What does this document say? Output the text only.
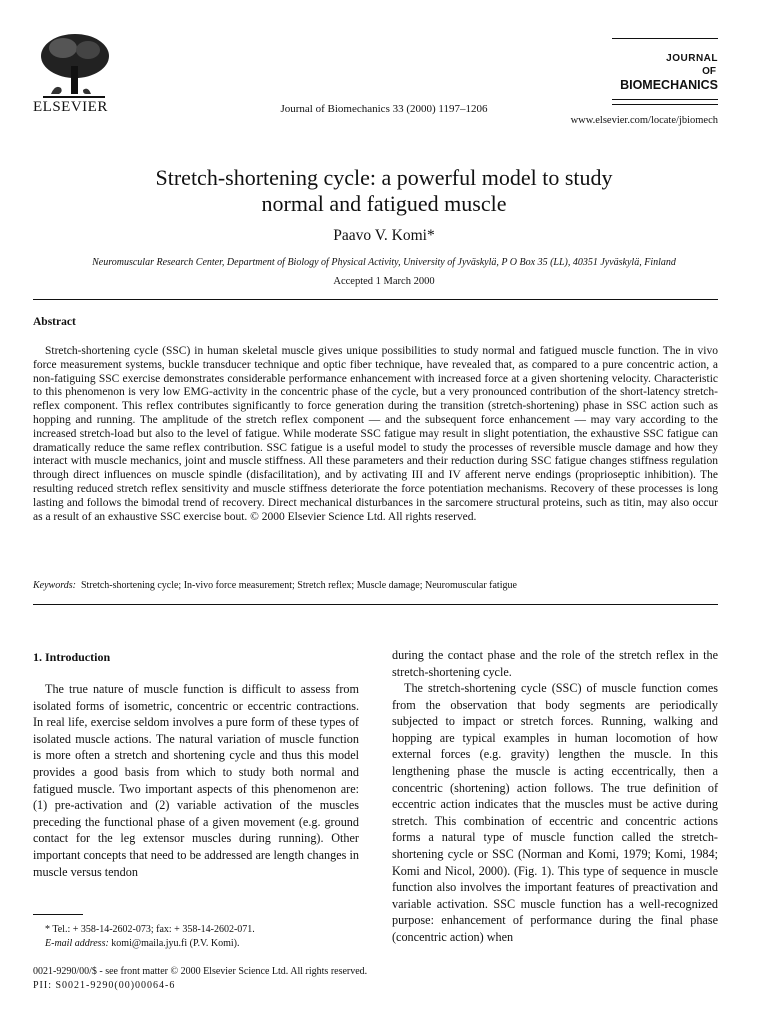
ELSEVIER	Journal of Biomechanics 33 (2000) 1197–1206
JOURNAL
OF
BIOMECHANICS
www.elsevier.com/locate/jbiomech
Stretch-shortening cycle: a powerful model to study
normal and fatigued muscle
Paavo V. Komi*
Neuromuscular Research Center, Department of Biology of Physical Activity, University of Jyväskylä, P O Box 35 (LL), 40351 Jyväskylä, Finland
Accepted 1 March 2000
Abstract
Stretch-shortening cycle (SSC) in human skeletal muscle gives unique possibilities to study normal and fatigued muscle function. The in vivo force measurement systems, buckle transducer technique and optic fiber technique, have revealed that, as compared to a pure concentric action, a non-fatiguing SSC exercise demonstrates considerable performance enhancement with increased force at a given shortening velocity. Characteristic to this phenomenon is very low EMG-activity in the concentric phase of the cycle, but a very pronounced contribution of the short-latency stretch-reflex component. This reflex contributes significantly to force generation during the transition (stretch-shortening) phase in SSC action such as hopping and running. The amplitude of the stretch reflex component — and the subsequent force enhancement — may vary according to the increased stretch-load but also to the level of fatigue. While moderate SSC fatigue may result in slight potentiation, the exhaustive SSC fatigue can dramatically reduce the same reflex contribution. SSC fatigue is a useful model to study the processes of reversible muscle damage and how they interact with muscle mechanics, joint and muscle stiffness. All these parameters and their reduction during SSC fatigue changes stiffness regulation through direct influences on muscle spindle (disfacilitation), and by activating III and IV afferent nerve endings (proprioseptic inhibition). The resulting reduced stretch reflex sensitivity and muscle stiffness deteriorate the force potentiation mechanisms. Recovery of these processes is long lasting and follows the bimodal trend of recovery. Direct mechanical disturbances in the sarcomere structural proteins, such as titin, may also occur as a result of an exhaustive SSC exercise bout. © 2000 Elsevier Science Ltd. All rights reserved.
Keywords: Stretch-shortening cycle; In-vivo force measurement; Stretch reflex; Muscle damage; Neuromuscular fatigue
1. Introduction
The true nature of muscle function is difficult to assess from isolated forms of isometric, concentric or eccentric contractions. In real life, exercise seldom involves a pure form of these types of isolated muscle actions. The natural variation of muscle function is more often a stretch and shortening cycle and thus this model provides a good basis from which to study both normal and fatigued muscle. Two important aspects of this phenomenon are: (1) pre-activation and (2) variable activation of the muscles preceding the functional phase of a given movement (e.g. ground contact for the leg extensor muscles during running). Other important concepts that need to be addressed are length changes in muscle versus tendon
during the contact phase and the role of the stretch reflex in the stretch-shortening cycle.
The stretch-shortening cycle (SSC) of muscle function comes from the observation that body segments are periodically subjected to impact or stretch forces. Running, walking and hopping are typical examples in human locomotion of how external forces (e.g. gravity) lengthen the muscle. In this lengthening phase the muscle is acting eccentrically, then a concentric (shortening) action follows. The true definition of eccentric action indicates that the muscles must be active during stretch. This combination of eccentric and concentric actions forms a natural type of muscle function called the stretch-shortening cycle or SSC (Norman and Komi, 1979; Komi, 1984; Komi and Nicol, 2000). (Fig. 1). This type of sequence in muscle function also involves the important features of preactivation and variable activation. SSC muscle function has a well-recognized purpose: enhancement of performance during the final phase (concentric action) when
* Tel.: + 358-14-2602-073; fax: + 358-14-2602-071.
E-mail address: komi@maila.jyu.fi (P.V. Komi).
0021-9290/00/$ - see front matter © 2000 Elsevier Science Ltd. All rights reserved.
PII: S0021-9290(00)00064-6
